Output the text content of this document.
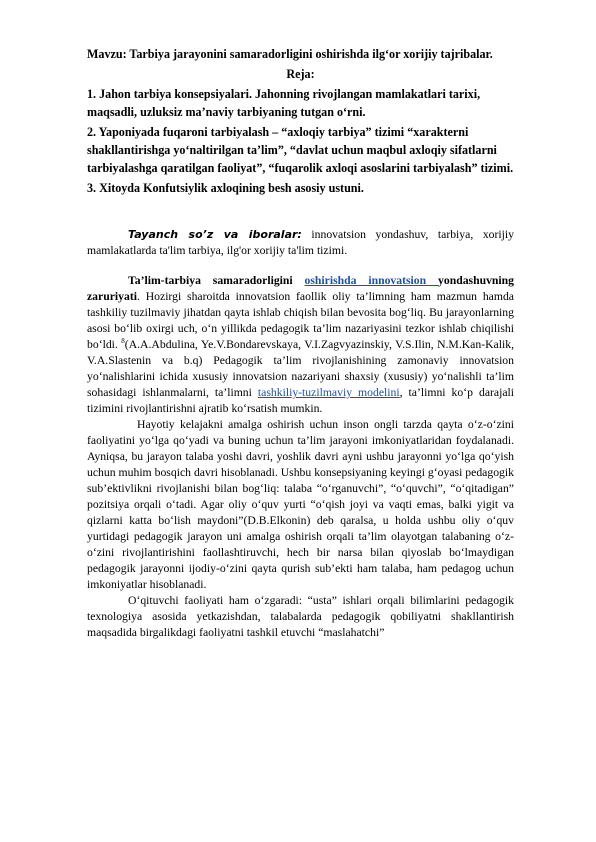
Mavzu: Tarbiya jarayonini samaradorligini oshirishda ilg‘or xorijiy tajribalar.

Reja:

1. Jahon tarbiya konsepsiyalari. Jahonning rivojlangan mamlakatlari tarixi, maqsadli, uzluksiz ma’naviy tarbiyaning tutgan o‘rni.

2. Yaponiyada fuqaroni tarbiyalash – “axloqiy tarbiya” tizimi “xarakterni shakllantirishga yo‘naltirilgan ta’lim”, “davlat uchun maqbul axloqiy sifatlarni tarbiyalashga qaratilgan faoliyat”, “fuqarolik axloqi asoslarini tarbiyalash” tizimi.

3. Xitoyda Konfutsiylik axloqining besh asosiy ustuni.

Tayanch so’z va iboralar: innovatsion yondashuv, tarbiya, xorijiy mamlakatlarda ta'lim tarbiya, ilg'or xorijiy ta'lim tizimi.

Ta’lim-tarbiya samaradorligini oshirishda innovatsion yondashuvning zaruriyati. Hozirgi sharoitda innovatsion faollik oliy ta’limning ham mazmun hamda tashkiliy tuzilmaviy jihatdan qayta ishlab chiqish bilan bevosita bog‘liq. Bu jarayonlarning asosi bo‘lib oxirgi uch, o‘n yillikda pedagogik ta’lim nazariyasini tezkor ishlab chiqilishi bo‘ldi. $^8$(A.A.Abdulina, Ye.V.Bondarevskaya, V.I.Zagvyazinskiy, V.S.Ilin, N.M.Kan-Kalik, V.A.Slastenin va b.q) Pedagogik ta’lim rivojlanishining zamonaviy innovatsion yo‘nalishlarini ichida xususiy innovatsion nazariyani shaxsiy (xususiy) yo‘nalishli ta’lim sohasidagi ishlanmalarni, ta’limni tashkiliy-tuzilmaviy modelini, ta’limni ko‘p darajali tizimini rivojlantirishni ajratib ko‘rsatish mumkin.

Hayotiy kelajakni amalga oshirish uchun inson ongli tarzda qayta o‘z-o‘zini faoliyatini yo‘lga qo‘yadi va buning uchun ta’lim jarayoni imkoniyatlaridan foydalanadi. Ayniqsa, bu jarayon talaba yoshi davri, yoshlik davri ayni ushbu jarayonni yo‘lga qo‘yish uchun muhim bosqich davri hisoblanadi. Ushbu konsepsiyaning keyingi g‘oyasi pedagogik sub’ektivlikni rivojlanishi bilan bog‘liq: talaba “o‘rganuvchi”, “o‘quvchi”, “o‘qitadigan” pozitsiya orqali o‘tadi. Agar oliy o‘quv yurti “o‘qish joyi va vaqti emas, balki yigit va qizlarni katta bo‘lish maydoni”(D.B.Elkonin) deb qaralsa, u holda ushbu oliy o‘quv yurtidagi pedagogik jarayon uni amalga oshirish orqali ta’lim olayotgan talabaning o‘z-o‘zini rivojlantirishini faollashtiruvchi, hech bir narsa bilan qiyoslab bo‘lmaydigan pedagogik jarayonni ijodiy-o‘zini qayta qurish sub’ekti ham talaba, ham pedagog uchun imkoniyatlar hisoblanadi.

O‘qituvchi faoliyati ham o‘zgaradi: “usta” ishlari orqali bilimlarini pedagogik texnologiya asosida yetkazishdan, talabalarda pedagogik qobiliyatni shakllantirish maqsadida birgalikdagi faoliyatni tashkil etuvchi “maslahatchi”
